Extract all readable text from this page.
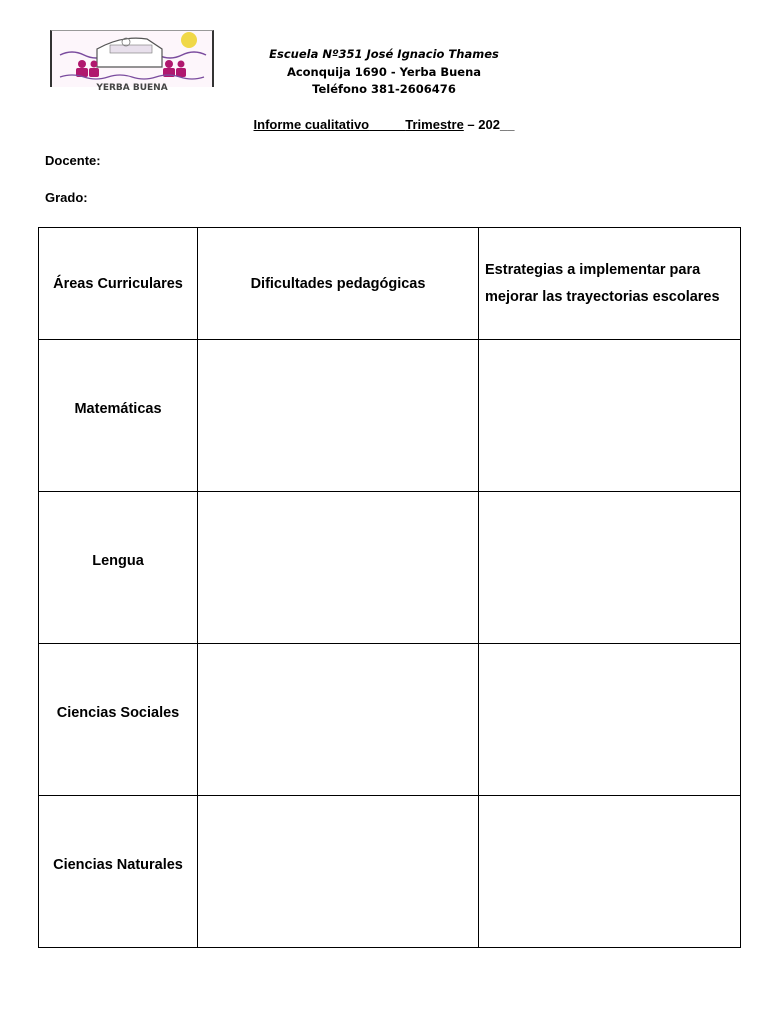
YERBA BUENA
Escuela Nº351 José Ignacio Thames
Aconquija 1690 - Yerba Buena
Teléfono 381-2606476
Informe cualitativo_____Trimestre – 202__
Docente:
Grado:
Áreas Curriculares	Dificultades pedagógicas	Estrategias a implementar para
mejorar las trayectorias escolares

Matemáticas		
Lengua		
Ciencias Sociales		
Ciencias Naturales		
